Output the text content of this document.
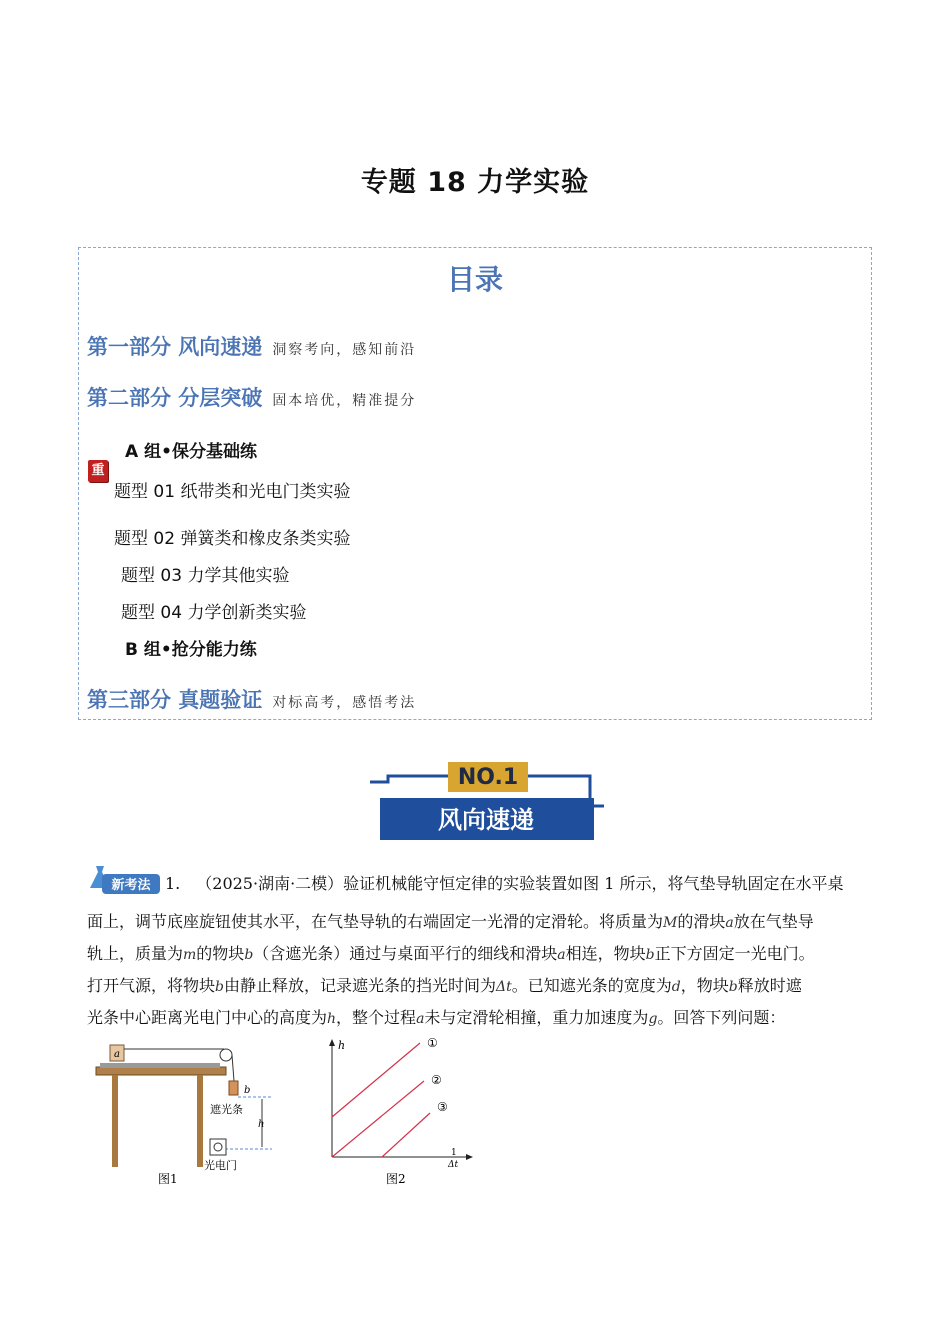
专题 18 力学实验
目录
第一部分 风向速递 洞察考向，感知前沿
第二部分 分层突破 固本培优，精准提分
A 组•保分基础练
重
题型 01 纸带类和光电门类实验
题型 02 弹簧类和橡皮条类实验
题型 03 力学其他实验
题型 04 力学创新类实验
B 组•抢分能力练
第三部分 真题验证 对标高考，感悟考法
NO.1
风向速递
新考法 1.  （2025·湖南·二模）验证机械能守恒定律的实验装置如图 1 所示，将气垫导轨固定在水平桌
面上，调节底座旋钮使其水平，在气垫导轨的右端固定一光滑的定滑轮。将质量为M的滑块a放在气垫导
轨上，质量为m的物块b（含遮光条）通过与桌面平行的细线和滑块a相连，物块b正下方固定一光电门。
打开气源，将物块b由静止释放，记录遮光条的挡光时间为Δt。已知遮光条的宽度为d，物块b释放时遮
光条中心距离光电门中心的高度为h，整个过程a未与定滑轮相撞，重力加速度为g。回答下列问题：
a
b
遮光条
h
光电门
图1
h	①
②
③
1
Δt
图2
